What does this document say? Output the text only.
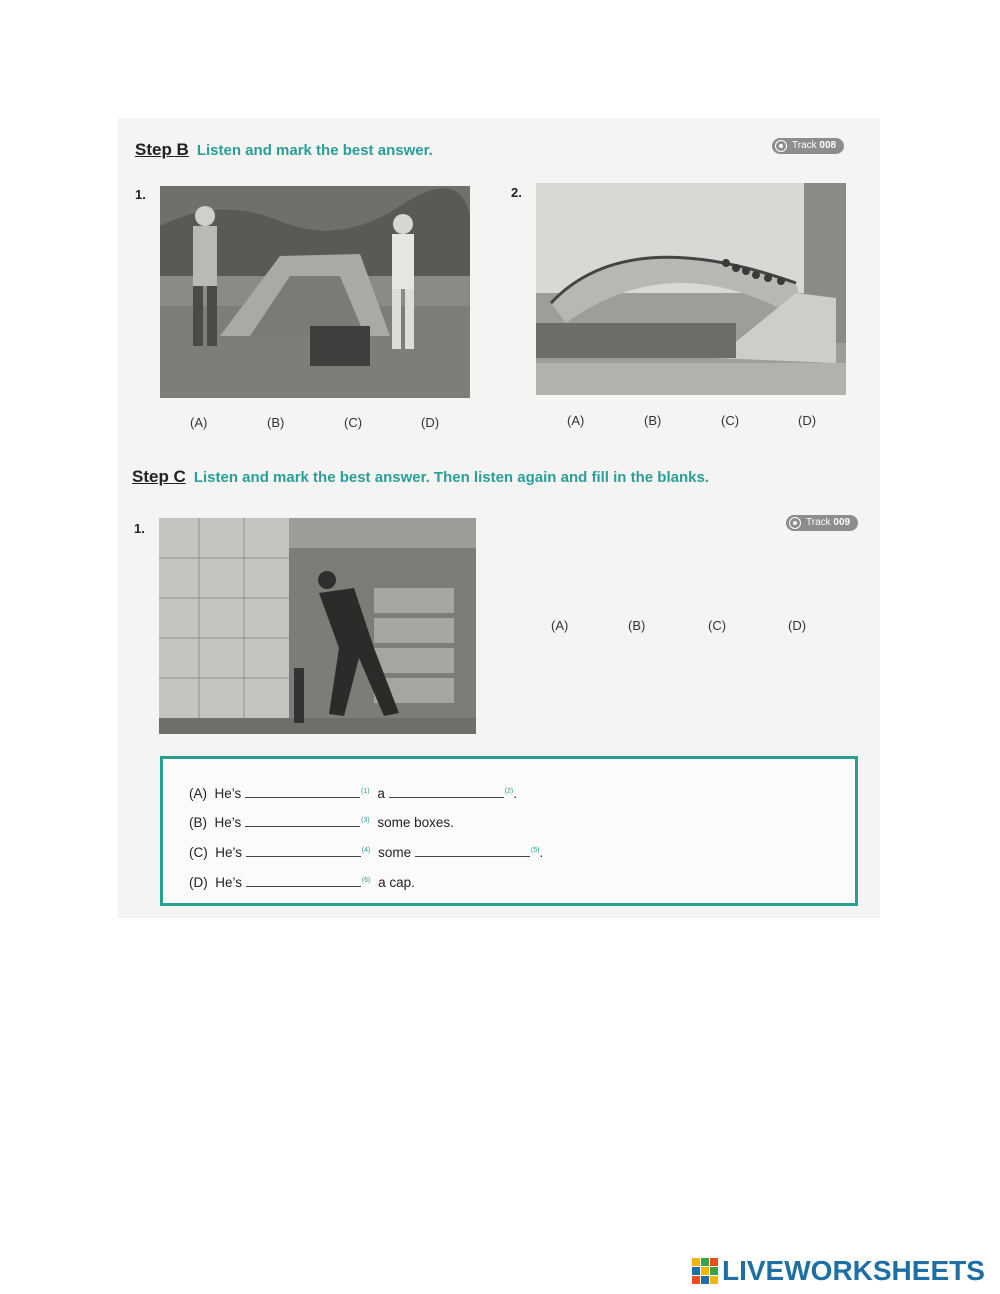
Step B Listen and mark the best answer.	Track 008
1.
(A)	(B)	(C)	(D)
2.
(A)	(B)	(C)	(D)
Step C Listen and mark the best answer. Then listen again and fill in the blanks.
Track 009
1.
(A)	(B)	(C)	(D)
(A) He’s	$^{(1)}$ a	$^{(2)}$.
(B) He’s	$^{(3)}$ some boxes.
(C) He’s	$^{(4)}$ some	$^{(5)}$.
(D) He’s	$^{(6)}$ a cap.
LIVEWORKSHEETS
